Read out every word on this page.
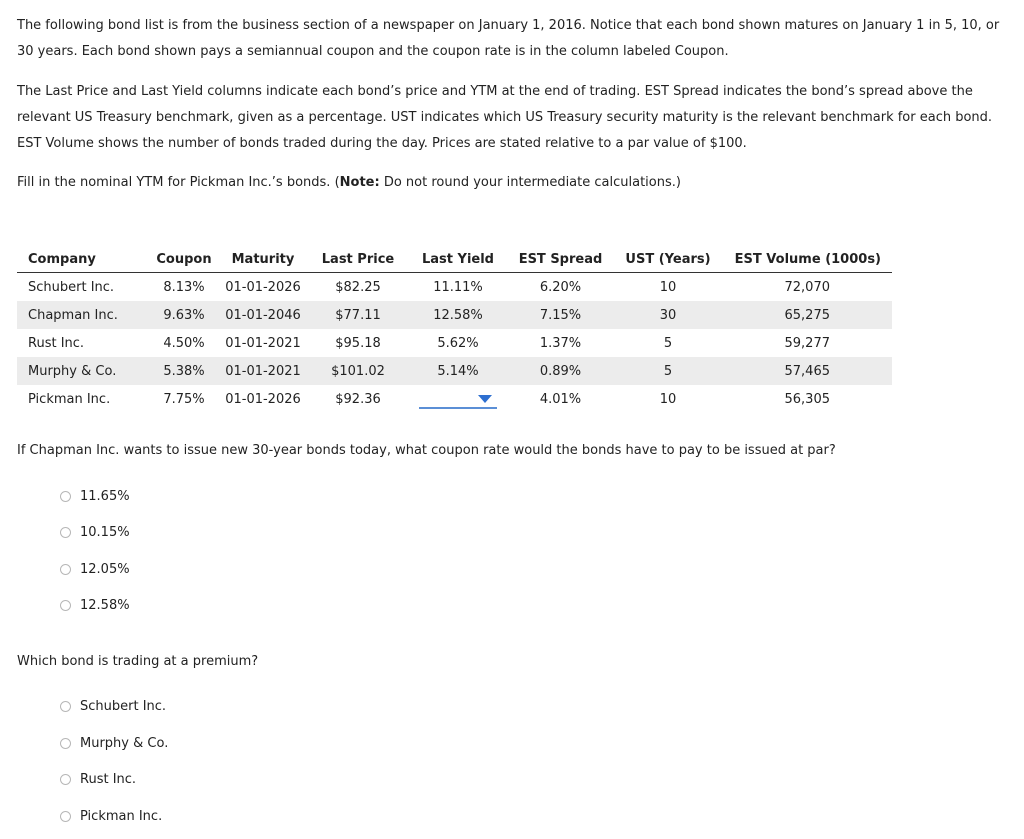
The following bond list is from the business section of a newspaper on January 1, 2016. Notice that each bond shown matures on January 1 in 5, 10, or 30 years. Each bond shown pays a semiannual coupon and the coupon rate is in the column labeled Coupon.

The Last Price and Last Yield columns indicate each bond’s price and YTM at the end of trading. EST Spread indicates the bond’s spread above the relevant US Treasury benchmark, given as a percentage. UST indicates which US Treasury security maturity is the relevant benchmark for each bond. EST Volume shows the number of bonds traded during the day. Prices are stated relative to a par value of $100.

Fill in the nominal YTM for Pickman Inc.’s bonds. (Note: Do not round your intermediate calculations.)

Company	Coupon	Maturity	Last Price	Last Yield	EST Spread	UST (Years)	EST Volume (1000s)
Schubert Inc.	8.13%	01-01-2026	$82.25	11.11%	6.20%	10	72,070
Chapman Inc.	9.63%	01-01-2046	$77.11	12.58%	7.15%	30	65,275
Rust Inc.	4.50%	01-01-2021	$95.18	5.62%	1.37%	5	59,277
Murphy & Co.	5.38%	01-01-2021	$101.02	5.14%	0.89%	5	57,465
Pickman Inc.	7.75%	01-01-2026	$92.36		4.01%	10	56,305

If Chapman Inc. wants to issue new 30-year bonds today, what coupon rate would the bonds have to pay to be issued at par?

11.65%
10.15%
12.05%
12.58%

Which bond is trading at a premium?

Schubert Inc.
Murphy & Co.
Rust Inc.
Pickman Inc.
